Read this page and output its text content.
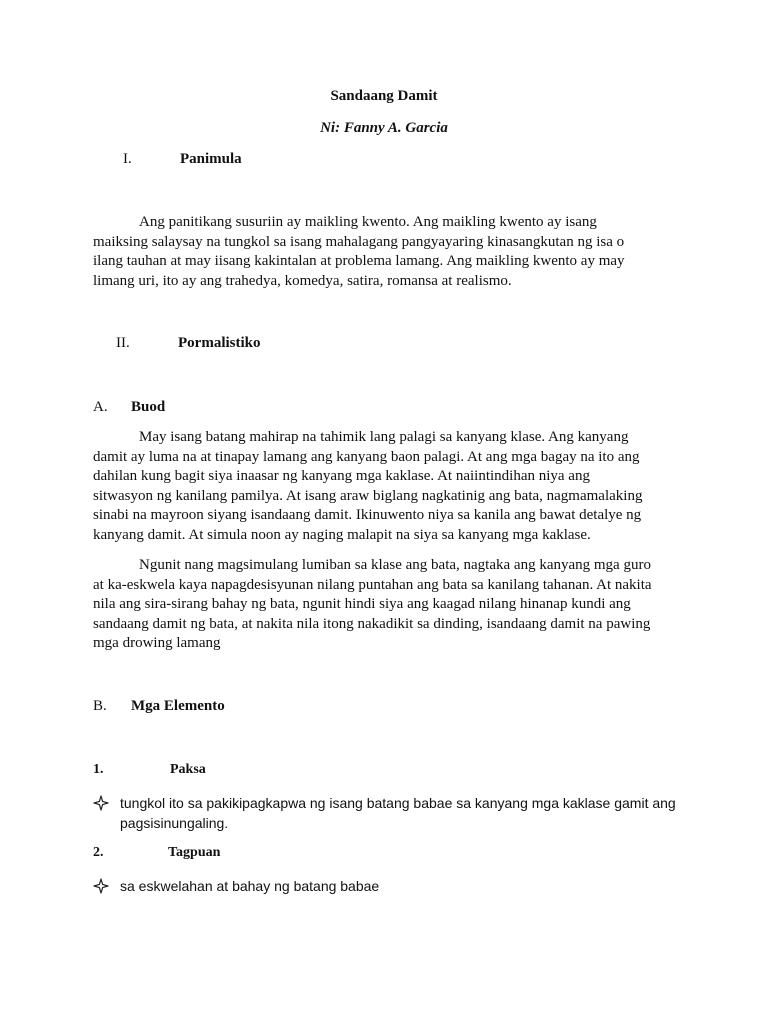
Sandaang Damit
Ni: Fanny A. Garcia
I.	Panimula
Ang panitikang susuriin ay maikling kwento. Ang maikling kwento ay isang
maiksing salaysay na tungkol sa isang mahalagang pangyayaring kinasangkutan ng isa o
ilang tauhan at may iisang kakintalan at problema lamang. Ang maikling kwento ay may
limang uri, ito ay ang trahedya, komedya, satira, romansa at realismo.
II.	Pormalistiko
A. Buod
May isang batang mahirap na tahimik lang palagi sa kanyang klase. Ang kanyang
damit ay luma na at tinapay lamang ang kanyang baon palagi. At ang mga bagay na ito ang
dahilan kung bagit siya inaasar ng kanyang mga kaklase. At naiintindihan niya ang
sitwasyon ng kanilang pamilya. At isang araw biglang nagkatinig ang bata, nagmamalaking
sinabi na mayroon siyang isandaang damit. Ikinuwento niya sa kanila ang bawat detalye ng
kanyang damit. At simula noon ay naging malapit na siya sa kanyang mga kaklase.
Ngunit nang magsimulang lumiban sa klase ang bata, nagtaka ang kanyang mga guro
at ka-eskwela kaya napagdesisyunan nilang puntahan ang bata sa kanilang tahanan. At nakita
nila ang sira-sirang bahay ng bata, ngunit hindi siya ang kaagad nilang hinanap kundi ang
sandaang damit ng bata, at nakita nila itong nakadikit sa dinding, isandaang damit na pawing
mga drowing lamang
B. Mga Elemento
1.	Paksa
tungkol ito sa pakikipagkapwa ng isang batang babae sa kanyang mga kaklase gamit ang
pagsisinungaling.
2.	Tagpuan
sa eskwelahan at bahay ng batang babae
